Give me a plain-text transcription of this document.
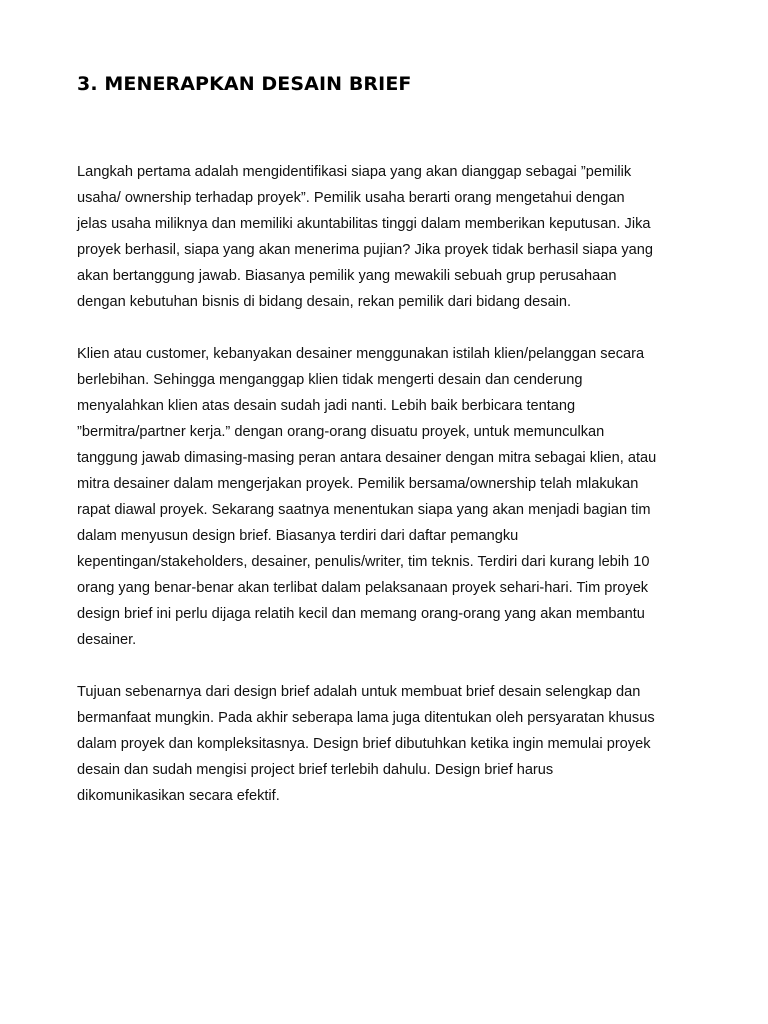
3. MENERAPKAN DESAIN BRIEF

Langkah pertama adalah mengidentifikasi siapa yang akan dianggap sebagai ”pemilik
usaha/ ownership terhadap proyek”. Pemilik usaha berarti orang mengetahui dengan
jelas usaha miliknya dan memiliki akuntabilitas tinggi dalam memberikan keputusan. Jika
proyek berhasil, siapa yang akan menerima pujian? Jika proyek tidak berhasil siapa yang
akan bertanggung jawab. Biasanya pemilik yang mewakili sebuah grup perusahaan
dengan kebutuhan bisnis di bidang desain, rekan pemilik dari bidang desain.

Klien atau customer, kebanyakan desainer menggunakan istilah klien/pelanggan secara
berlebihan. Sehingga menganggap klien tidak mengerti desain dan cenderung
menyalahkan klien atas desain sudah jadi nanti. Lebih baik berbicara tentang
”bermitra/partner kerja.” dengan orang-orang disuatu proyek, untuk memunculkan
tanggung jawab dimasing-masing peran antara desainer dengan mitra sebagai klien, atau
mitra desainer dalam mengerjakan proyek. Pemilik bersama/ownership telah mlakukan
rapat diawal proyek. Sekarang saatnya menentukan siapa yang akan menjadi bagian tim
dalam menyusun design brief. Biasanya terdiri dari daftar pemangku
kepentingan/stakeholders, desainer, penulis/writer, tim teknis. Terdiri dari kurang lebih 10
orang yang benar-benar akan terlibat dalam pelaksanaan proyek sehari-hari. Tim proyek
design brief ini perlu dijaga relatih kecil dan memang orang-orang yang akan membantu
desainer.

Tujuan sebenarnya dari design brief adalah untuk membuat brief desain selengkap dan
bermanfaat mungkin. Pada akhir seberapa lama juga ditentukan oleh persyaratan khusus
dalam proyek dan kompleksitasnya. Design brief dibutuhkan ketika ingin memulai proyek
desain dan sudah mengisi project brief terlebih dahulu. Design brief harus
dikomunikasikan secara efektif.
